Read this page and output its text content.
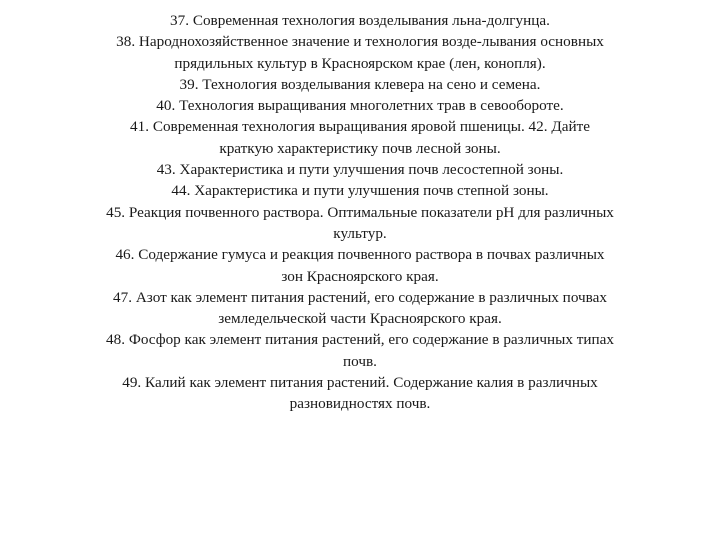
37. Современная технология возделывания льна-долгунца.
38. Народнохозяйственное значение и технология возде-лывания основных
прядильных культур в Красноярском крае (лен, конопля).
39. Технология возделывания клевера на сено и семена.
40. Технология выращивания многолетних трав в севообороте.
41. Современная технология выращивания яровой пшеницы. 42. Дайте
краткую характеристику почв лесной зоны.
43. Характеристика и пути улучшения почв лесостепной зоны.
44. Характеристика и пути улучшения почв степной зоны.
45. Реакция почвенного раствора. Оптимальные показатели рН для различных
культур.
46. Содержание гумуса и реакция почвенного раствора в почвах различных
зон Красноярского края.
47. Азот как элемент питания растений, его содержание в различных почвах
земледельческой части Красноярского края.
48. Фосфор как элемент питания растений, его содержание в различных типах
почв.
49. Калий как элемент питания растений. Содержание калия в различных
разновидностях почв.
